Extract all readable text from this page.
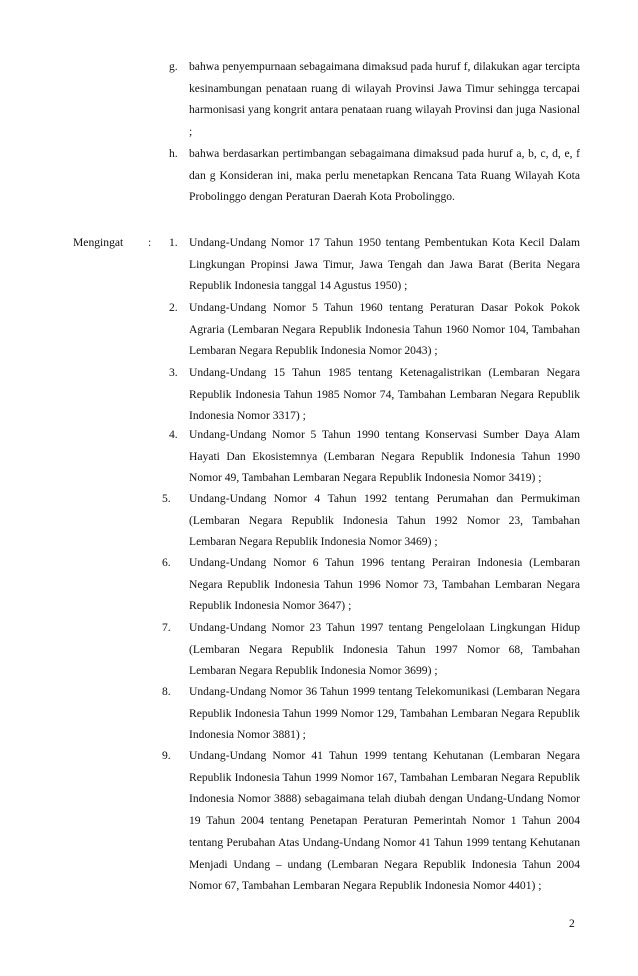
g. bahwa penyempurnaan sebagaimana dimaksud pada huruf f, dilakukan agar tercipta kesinambungan penataan ruang di wilayah Provinsi Jawa Timur sehingga tercapai harmonisasi yang kongrit antara penataan ruang wilayah Provinsi dan juga Nasional ;
h. bahwa berdasarkan pertimbangan sebagaimana dimaksud pada huruf a, b, c, d, e, f dan g Konsideran ini, maka perlu menetapkan Rencana Tata Ruang Wilayah Kota Probolinggo dengan Peraturan Daerah Kota Probolinggo.
Mengingat : 1. Undang-Undang Nomor 17 Tahun 1950 tentang Pembentukan Kota Kecil Dalam Lingkungan Propinsi Jawa Timur, Jawa Tengah dan Jawa Barat (Berita Negara Republik Indonesia tanggal 14 Agustus 1950) ;
2. Undang-Undang Nomor 5 Tahun 1960 tentang Peraturan Dasar Pokok Pokok Agraria (Lembaran Negara Republik Indonesia Tahun 1960 Nomor 104, Tambahan Lembaran Negara Republik Indonesia Nomor 2043) ;
3. Undang-Undang 15 Tahun 1985 tentang Ketenagalistrikan (Lembaran Negara Republik Indonesia Tahun 1985 Nomor 74, Tambahan Lembaran Negara Republik Indonesia Nomor 3317) ;
4. Undang-Undang Nomor 5 Tahun 1990 tentang Konservasi Sumber Daya Alam Hayati Dan Ekosistemnya (Lembaran Negara Republik Indonesia Tahun 1990 Nomor 49, Tambahan Lembaran Negara Republik Indonesia Nomor 3419) ;
5. Undang-Undang Nomor 4 Tahun 1992 tentang Perumahan dan Permukiman (Lembaran Negara Republik Indonesia Tahun 1992 Nomor 23, Tambahan Lembaran Negara Republik Indonesia Nomor 3469) ;
6. Undang-Undang Nomor 6 Tahun 1996 tentang Perairan Indonesia (Lembaran Negara Republik Indonesia Tahun 1996 Nomor 73, Tambahan Lembaran Negara Republik Indonesia Nomor 3647) ;
7. Undang-Undang Nomor 23 Tahun 1997 tentang Pengelolaan Lingkungan Hidup (Lembaran Negara Republik Indonesia Tahun 1997 Nomor 68, Tambahan Lembaran Negara Republik Indonesia Nomor 3699) ;
8. Undang-Undang Nomor 36 Tahun 1999 tentang Telekomunikasi (Lembaran Negara Republik Indonesia Tahun 1999 Nomor 129, Tambahan Lembaran Negara Republik Indonesia Nomor 3881) ;
9. Undang-Undang Nomor 41 Tahun 1999 tentang Kehutanan (Lembaran Negara Republik Indonesia Tahun 1999 Nomor 167, Tambahan Lembaran Negara Republik Indonesia Nomor 3888) sebagaimana telah diubah dengan Undang-Undang Nomor 19 Tahun 2004 tentang Penetapan Peraturan Pemerintah Nomor 1 Tahun 2004 tentang Perubahan Atas Undang-Undang Nomor 41 Tahun 1999 tentang Kehutanan Menjadi Undang – undang (Lembaran Negara Republik Indonesia Tahun 2004 Nomor 67, Tambahan Lembaran Negara Republik Indonesia Nomor 4401) ;
2
